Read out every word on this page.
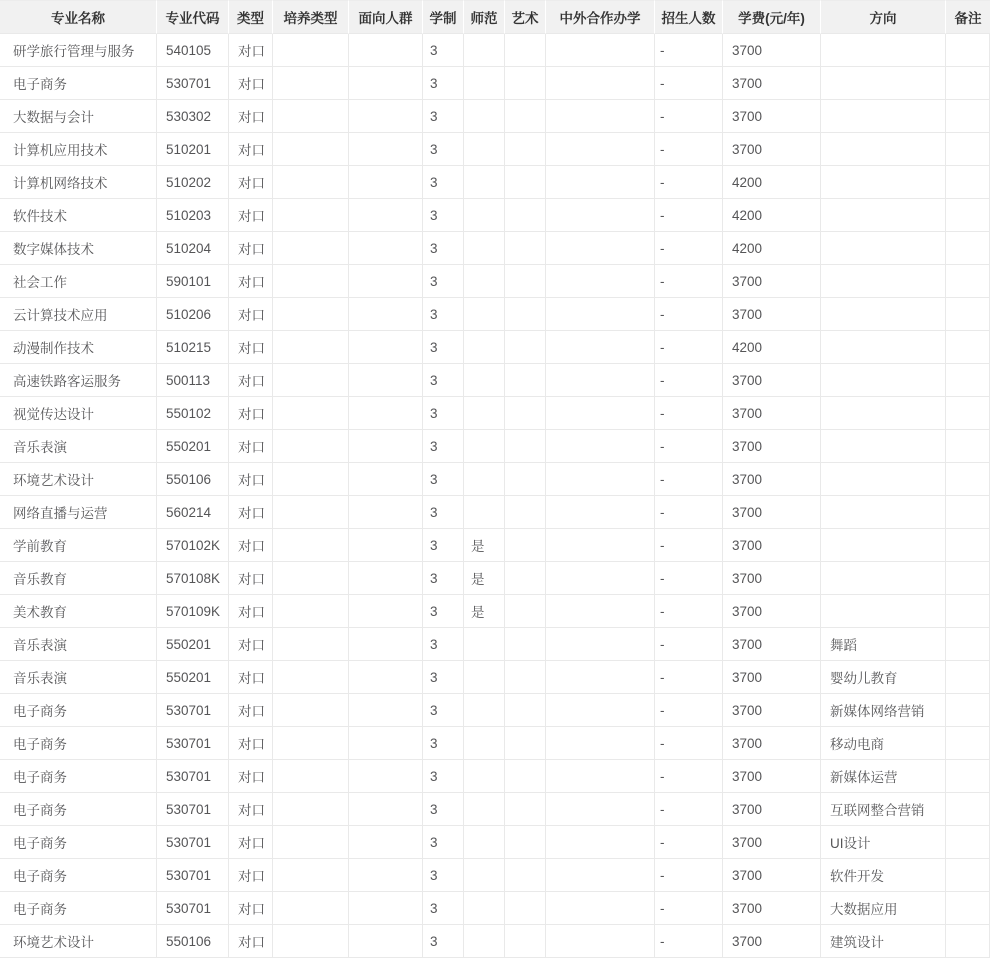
专业名称	专业代码	类型	培养类型	面向人群	学制	师范	艺术	中外合作办学	招生人数	学费(元/年)	方向	备注
研学旅行管理与服务	540105	对口			3				-	3700		
电子商务	530701	对口			3				-	3700		
大数据与会计	530302	对口			3				-	3700		
计算机应用技术	510201	对口			3				-	3700		
计算机网络技术	510202	对口			3				-	4200		
软件技术	510203	对口			3				-	4200		
数字媒体技术	510204	对口			3				-	4200		
社会工作	590101	对口			3				-	3700		
云计算技术应用	510206	对口			3				-	3700		
动漫制作技术	510215	对口			3				-	4200		
高速铁路客运服务	500113	对口			3				-	3700		
视觉传达设计	550102	对口			3				-	3700		
音乐表演	550201	对口			3				-	3700		
环境艺术设计	550106	对口			3				-	3700		
网络直播与运营	560214	对口			3				-	3700		
学前教育	570102K	对口			3	是			-	3700		
音乐教育	570108K	对口			3	是			-	3700		
美术教育	570109K	对口			3	是			-	3700		
音乐表演	550201	对口			3				-	3700	舞蹈	
音乐表演	550201	对口			3				-	3700	婴幼儿教育	
电子商务	530701	对口			3				-	3700	新媒体网络营销	
电子商务	530701	对口			3				-	3700	移动电商	
电子商务	530701	对口			3				-	3700	新媒体运营	
电子商务	530701	对口			3				-	3700	互联网整合营销	
电子商务	530701	对口			3				-	3700	UI设计	
电子商务	530701	对口			3				-	3700	软件开发	
电子商务	530701	对口			3				-	3700	大数据应用	
环境艺术设计	550106	对口			3				-	3700	建筑设计	
